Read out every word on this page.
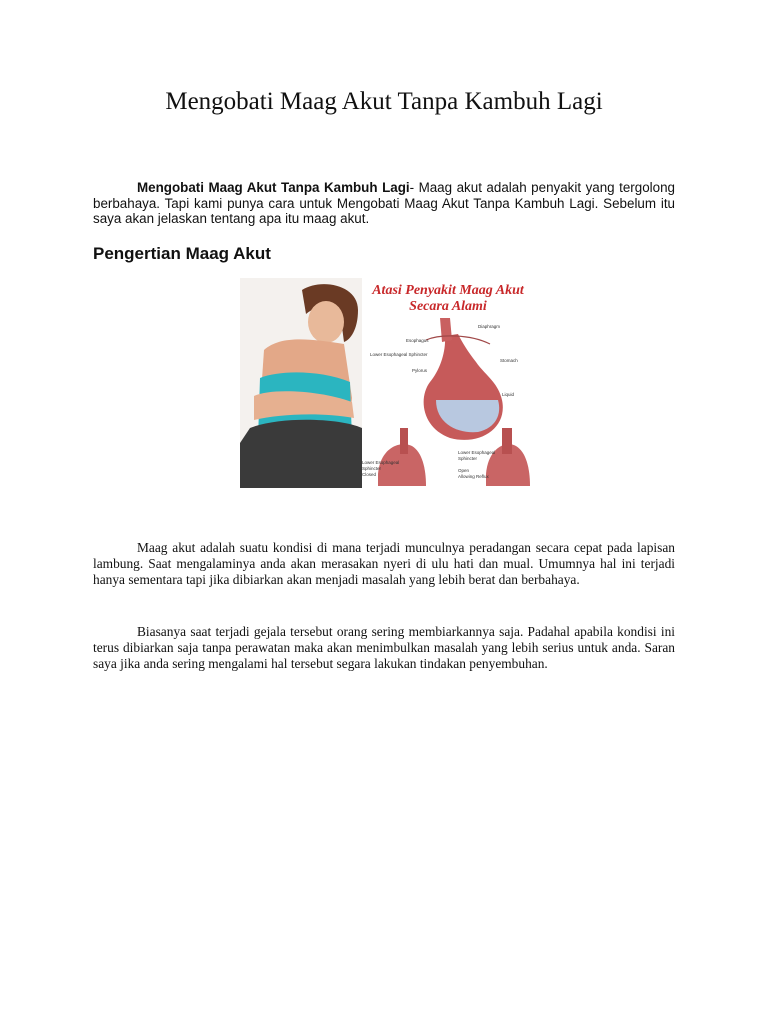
Mengobati Maag Akut Tanpa Kambuh Lagi

Mengobati Maag Akut Tanpa Kambuh Lagi- Maag akut adalah penyakit yang tergolong berbahaya. Tapi kami punya cara untuk Mengobati Maag Akut Tanpa Kambuh Lagi. Sebelum itu saya akan jelaskan tentang apa itu maag akut.

Pengertian Maag Akut
Atasi Penyakit Maag Akut
Secara Alami
Diaphragm
Esophagus
Lower Esophageal Sphincter
Stomach
Pylorus
Liquid
Lower Esophageal
Sphincter
Closed
Lower Esophageal
Sphincter
Open
Allowing Reflux

Maag akut adalah suatu kondisi di mana terjadi munculnya peradangan secara cepat pada lapisan lambung. Saat mengalaminya anda akan merasakan nyeri di ulu hati dan mual. Umumnya hal ini terjadi hanya sementara tapi jika dibiarkan akan menjadi masalah yang lebih berat dan berbahaya.

Biasanya saat terjadi gejala tersebut orang sering membiarkannya saja. Padahal apabila kondisi ini terus dibiarkan saja tanpa perawatan maka akan menimbulkan masalah yang lebih serius untuk anda. Saran saya jika anda sering mengalami hal tersebut segara lakukan tindakan penyembuhan.
